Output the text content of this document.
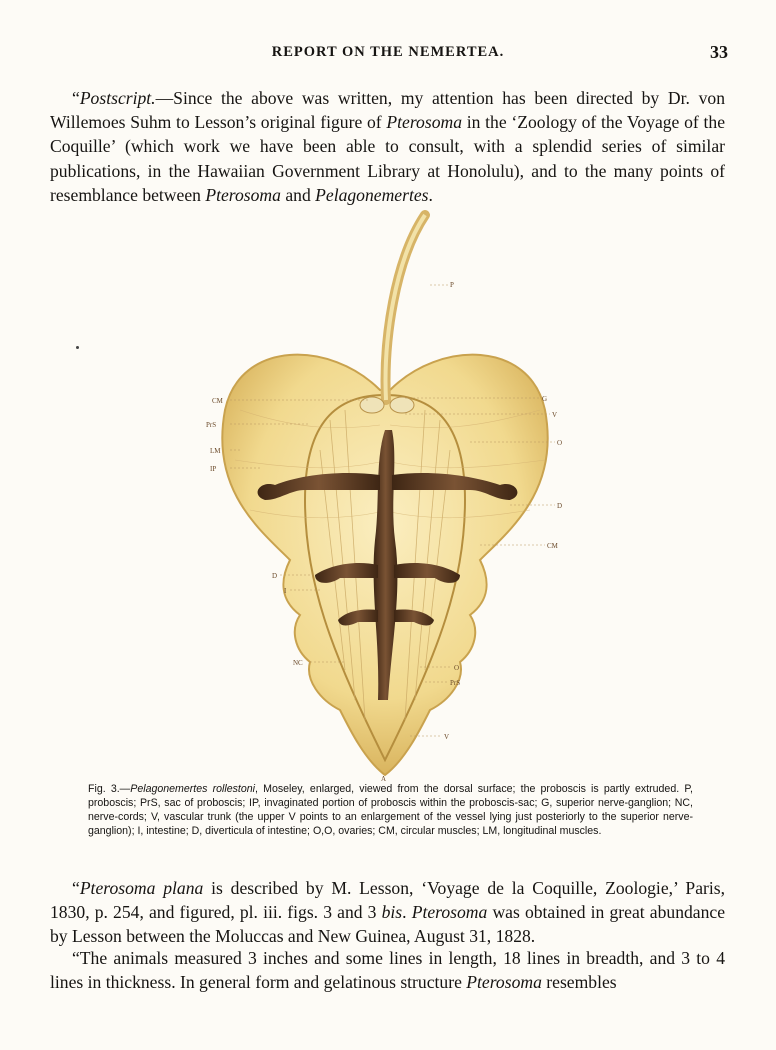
REPORT ON THE NEMERTEA.	33
“Postscript.—Since the above was written, my attention has been directed by Dr. von Willemoes Suhm to Lesson’s original figure of Pterosoma in the ‘Zoology of the Voyage of the Coquille’ (which work we have been able to consult, with a splendid series of similar publications, in the Hawaiian Government Library at Honolulu), and to the many points of resemblance between Pterosoma and Pelagonemertes.
P
CM
PrS
LM
IP
G
V
O
D
CM
D
I
NC
O
PrS
V
A
Fig. 3.—Pelagonemertes rollestoni, Moseley, enlarged, viewed from the dorsal surface; the proboscis is partly extruded. P, proboscis; PrS, sac of proboscis; IP, invaginated portion of proboscis within the proboscis-sac; G, superior nerve-ganglion; NC, nerve-cords; V, vascular trunk (the upper V points to an enlargement of the vessel lying just posteriorly to the superior nerve-ganglion); I, intestine; D, diverticula of intestine; O,O, ovaries; CM, circular muscles; LM, longitudinal muscles.
“Pterosoma plana is described by M. Lesson, ‘Voyage de la Coquille, Zoologie,’ Paris, 1830, p. 254, and figured, pl. iii. figs. 3 and 3 bis. Pterosoma was obtained in great abundance by Lesson between the Moluccas and New Guinea, August 31, 1828.
“The animals measured 3 inches and some lines in length, 18 lines in breadth, and 3 to 4 lines in thickness. In general form and gelatinous structure Pterosoma resembles
